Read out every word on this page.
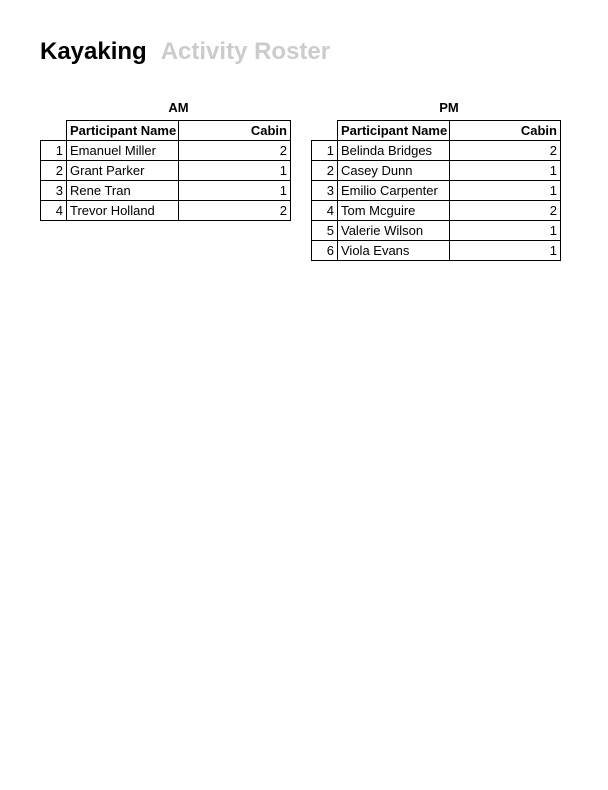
Kayaking Activity Roster
AM
	Participant Name	Cabin
1	Emanuel Miller	2
2	Grant Parker	1
3	Rene Tran	1
4	Trevor Holland	2
PM
	Participant Name	Cabin
1	Belinda Bridges	2
2	Casey Dunn	1
3	Emilio Carpenter	1
4	Tom Mcguire	2
5	Valerie Wilson	1
6	Viola Evans	1
